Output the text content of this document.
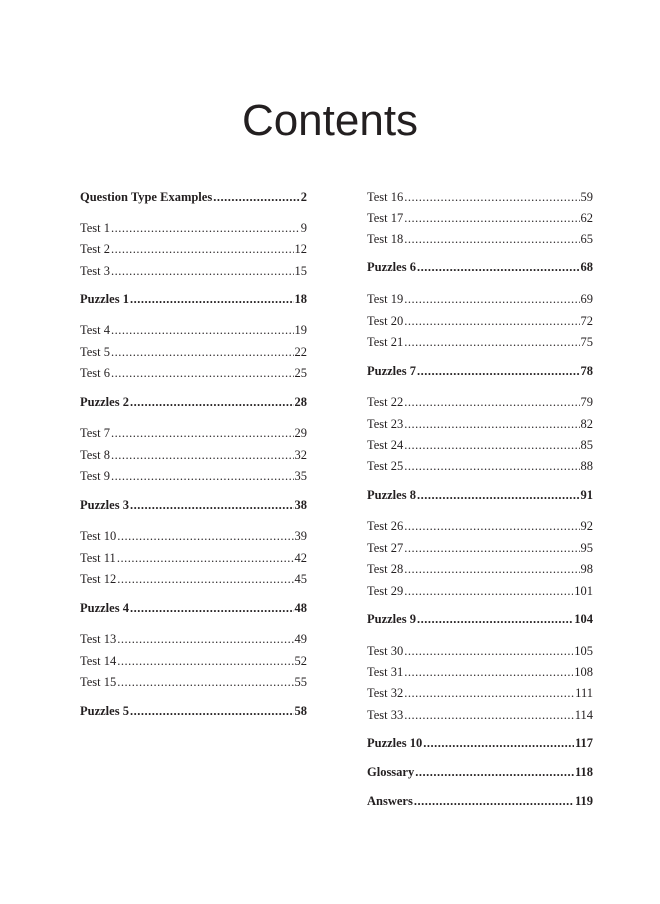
Contents
Question Type Examples .....	2
Test 1 .....	9
Test 2 .....	12
Test 3 .....	15
Puzzles 1 .....	18
Test 4 .....	19
Test 5 .....	22
Test 6 .....	25
Puzzles 2 .....	28
Test 7 .....	29
Test 8 .....	32
Test 9 .....	35
Puzzles 3 .....	38
Test 10 .....	39
Test 11 .....	42
Test 12 .....	45
Puzzles 4 .....	48
Test 13 .....	49
Test 14 .....	52
Test 15 .....	55
Puzzles 5 .....	58
Test 16 .....	59
Test 17 .....	62
Test 18 .....	65
Puzzles 6 .....	68
Test 19 .....	69
Test 20 .....	72
Test 21 .....	75
Puzzles 7 .....	78
Test 22 .....	79
Test 23 .....	82
Test 24 .....	85
Test 25 .....	88
Puzzles 8 .....	91
Test 26 .....	92
Test 27 .....	95
Test 28 .....	98
Test 29 .....	101
Puzzles 9 .....	104
Test 30 .....	105
Test 31 .....	108
Test 32 .....	111
Test 33 .....	114
Puzzles 10 .....	117
Glossary .....	118
Answers .....	119
